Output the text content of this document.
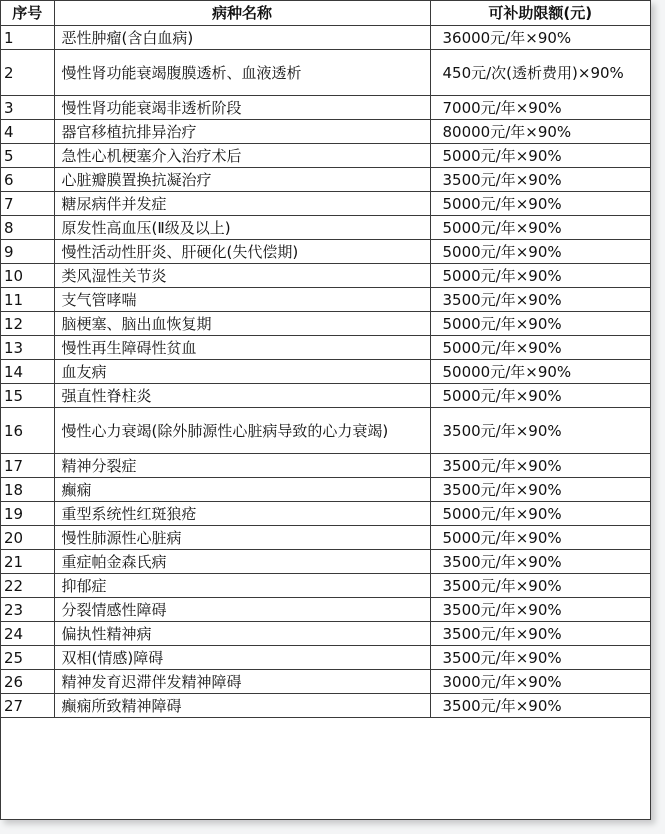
序号	病种名称	可补助限额(元)
1	恶性肿瘤(含白血病)	36000元/年×90%
2	慢性肾功能衰竭腹膜透析、血液透析	450元/次(透析费用)×90%
3	慢性肾功能衰竭非透析阶段	7000元/年×90%
4	器官移植抗排异治疗	80000元/年×90%
5	急性心机梗塞介入治疗术后	5000元/年×90%
6	心脏瓣膜置换抗凝治疗	3500元/年×90%
7	糖尿病伴并发症	5000元/年×90%
8	原发性高血压(Ⅱ级及以上)	5000元/年×90%
9	慢性活动性肝炎、肝硬化(失代偿期)	5000元/年×90%
10	类风湿性关节炎	5000元/年×90%
11	支气管哮喘	3500元/年×90%
12	脑梗塞、脑出血恢复期	5000元/年×90%
13	慢性再生障碍性贫血	5000元/年×90%
14	血友病	50000元/年×90%
15	强直性脊柱炎	5000元/年×90%
16	慢性心力衰竭(除外肺源性心脏病导致的心力衰竭)	3500元/年×90%
17	精神分裂症	3500元/年×90%
18	癫痫	3500元/年×90%
19	重型系统性红斑狼疮	5000元/年×90%
20	慢性肺源性心脏病	5000元/年×90%
21	重症帕金森氏病	3500元/年×90%
22	抑郁症	3500元/年×90%
23	分裂情感性障碍	3500元/年×90%
24	偏执性精神病	3500元/年×90%
25	双相(情感)障碍	3500元/年×90%
26	精神发育迟滞伴发精神障碍	3000元/年×90%
27	癫痫所致精神障碍	3500元/年×90%
